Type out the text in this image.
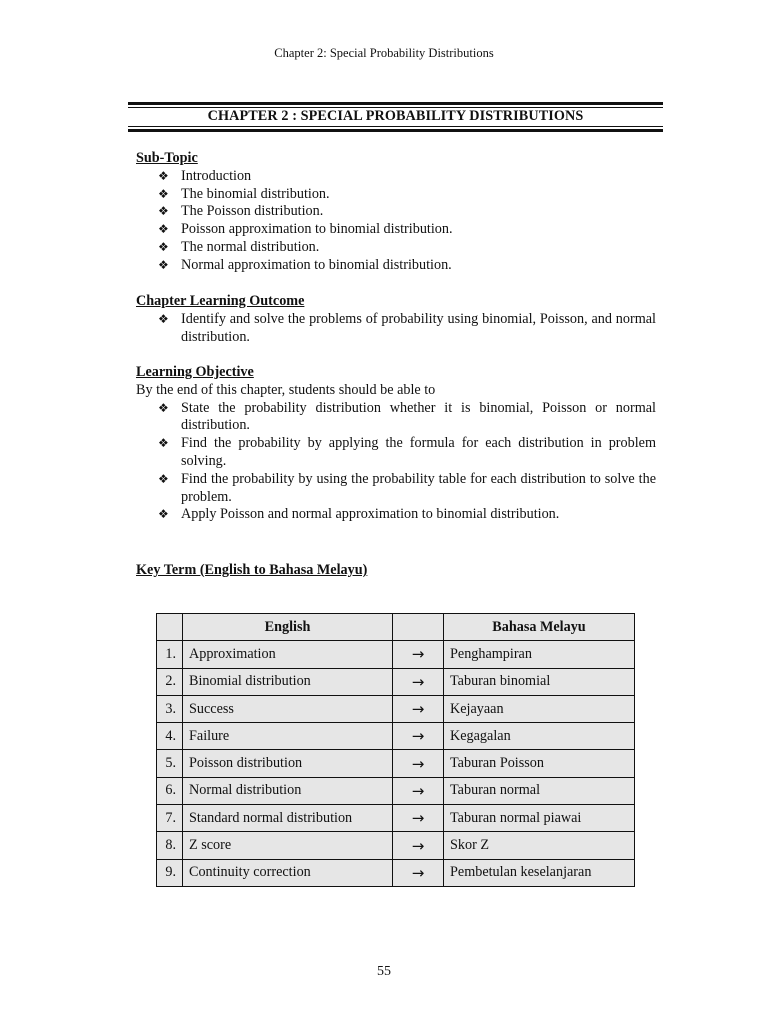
Chapter 2: Special Probability Distributions
CHAPTER 2 : SPECIAL PROBABILITY DISTRIBUTIONS
Sub-Topic
❖ Introduction
❖ The binomial distribution.
❖ The Poisson distribution.
❖ Poisson approximation to binomial distribution.
❖ The normal distribution.
❖ Normal approximation to binomial distribution.
Chapter Learning Outcome
❖ Identify and solve the problems of probability using binomial, Poisson, and normal distribution.
Learning Objective

By the end of this chapter, students should be able to

❖ State the probability distribution whether it is binomial, Poisson or normal distribution.
❖ Find the probability by applying the formula for each distribution in problem solving.
❖ Find the probability by using the probability table for each distribution to solve the problem.
❖ Apply Poisson and normal approximation to binomial distribution.
Key Term (English to Bahasa Melayu)
	English		Bahasa Melayu
1.	Approximation	→	Penghampiran
2.	Binomial distribution	→	Taburan binomial
3.	Success	→	Kejayaan
4.	Failure	→	Kegagalan
5.	Poisson distribution	→	Taburan Poisson
6.	Normal distribution	→	Taburan normal
7.	Standard normal distribution	→	Taburan normal piawai
8.	Z score	→	Skor Z
9.	Continuity correction	→	Pembetulan keselanjaran
55
